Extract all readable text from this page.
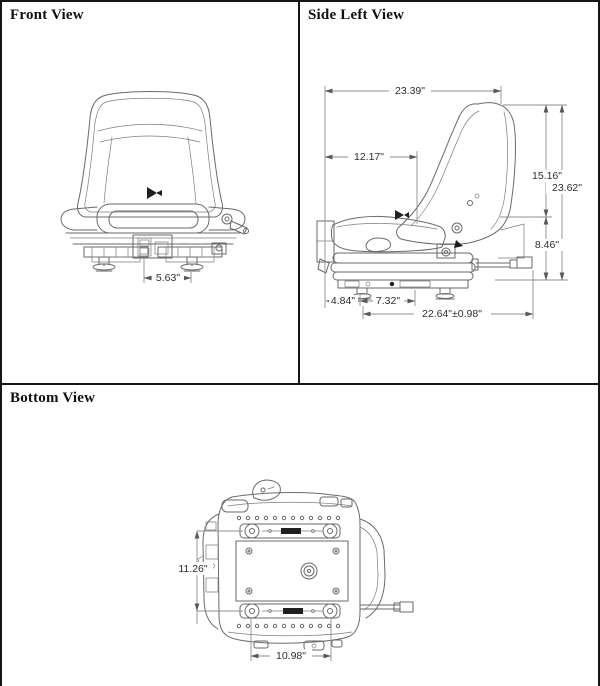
Front View
5.63"
Side Left View
23.39"
12.17"
15.16"
23.62"
8.46"
4.84" 7.32"
22.64"±0.98"
Bottom View
11.26"
10.98"
